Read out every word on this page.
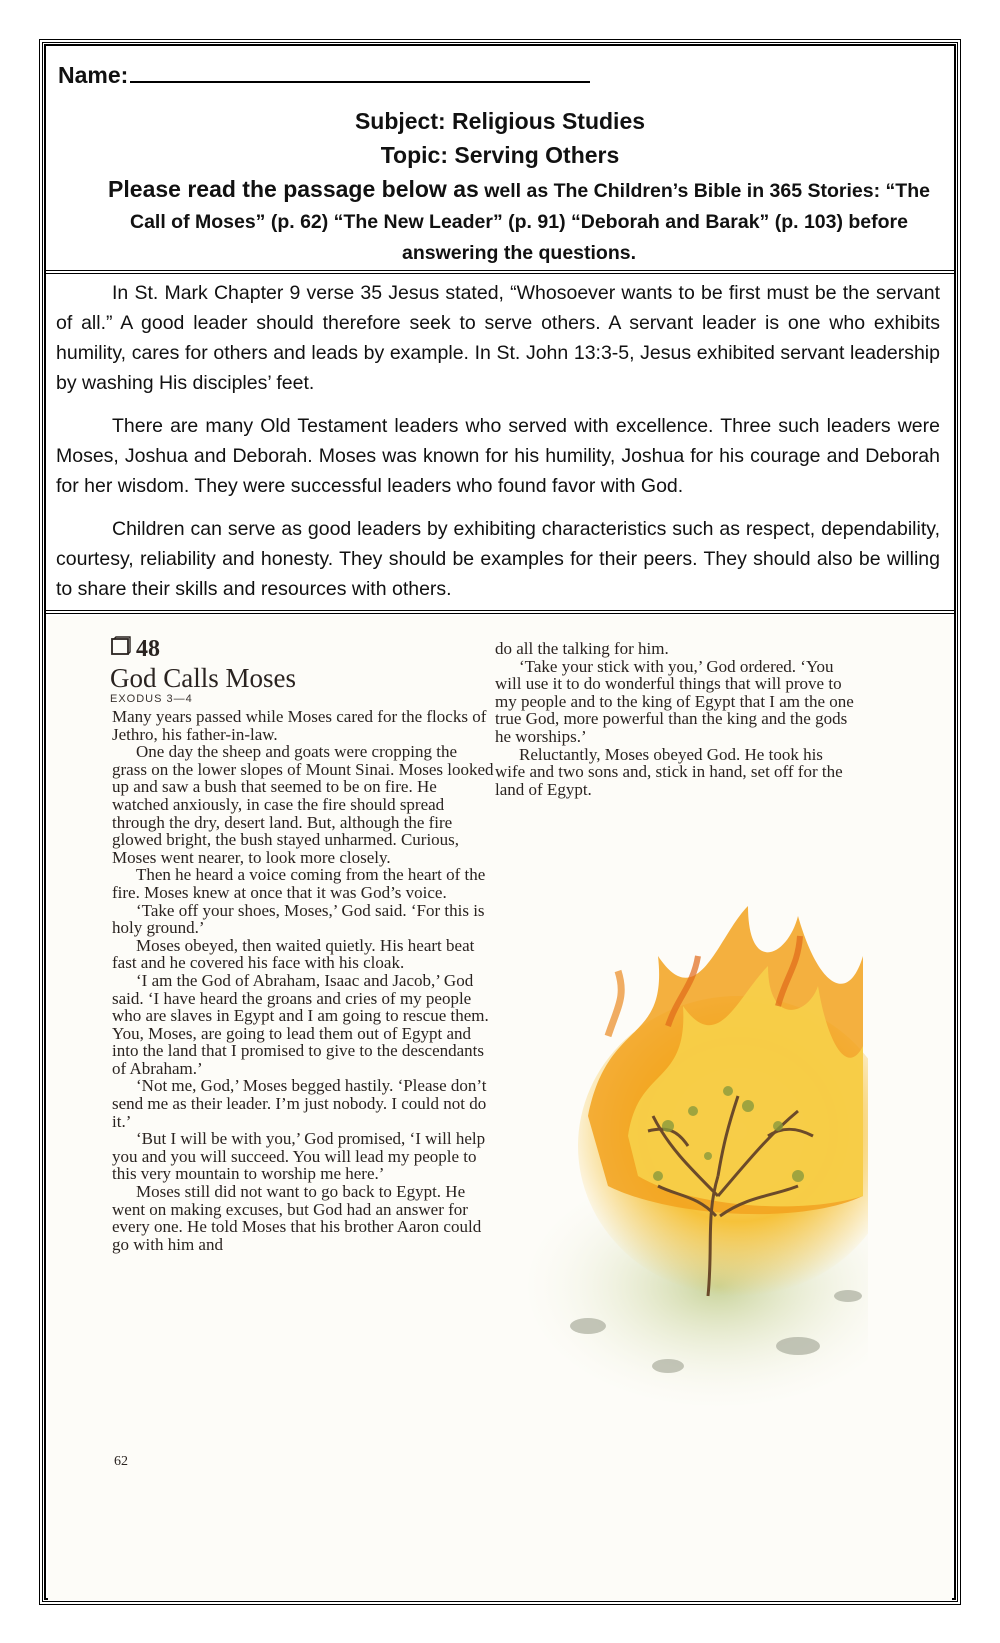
Name:
Subject: Religious Studies
Topic: Serving Others
Please read the passage below as well as The Children’s Bible in 365 Stories: “The Call of Moses” (p. 62) “The New Leader” (p. 91) “Deborah and Barak” (p. 103) before answering the questions.

In St. Mark Chapter 9 verse 35 Jesus stated, “Whosoever wants to be first must be the servant of all.” A good leader should therefore seek to serve others. A servant leader is one who exhibits humility, cares for others and leads by example. In St. John 13:3-5, Jesus exhibited servant leadership by washing His disciples’ feet.

There are many Old Testament leaders who served with excellence. Three such leaders were Moses, Joshua and Deborah. Moses was known for his humility, Joshua for his courage and Deborah for her wisdom. They were successful leaders who found favor with God.

Children can serve as good leaders by exhibiting characteristics such as respect, dependability, courtesy, reliability and honesty. They should be examples for their peers. They should also be willing to share their skills and resources with others.

48
God Calls Moses
EXODUS 3—4

Many years passed while Moses cared for the flocks of Jethro, his father-in-law.

One day the sheep and goats were cropping the grass on the lower slopes of Mount Sinai. Moses looked up and saw a bush that seemed to be on fire. He watched anxiously, in case the fire should spread through the dry, desert land. But, although the fire glowed bright, the bush stayed unharmed. Curious, Moses went nearer, to look more closely.

Then he heard a voice coming from the heart of the fire. Moses knew at once that it was God’s voice.

‘Take off your shoes, Moses,’ God said. ‘For this is holy ground.’

Moses obeyed, then waited quietly. His heart beat fast and he covered his face with his cloak.

‘I am the God of Abraham, Isaac and Jacob,’ God said. ‘I have heard the groans and cries of my people who are slaves in Egypt and I am going to rescue them. You, Moses, are going to lead them out of Egypt and into the land that I promised to give to the descendants of Abraham.’

‘Not me, God,’ Moses begged hastily. ‘Please don’t send me as their leader. I’m just nobody. I could not do it.’

‘But I will be with you,’ God promised, ‘I will help you and you will succeed. You will lead my people to this very mountain to worship me here.’

Moses still did not want to go back to Egypt. He went on making excuses, but God had an answer for every one. He told Moses that his brother Aaron could go with him and

do all the talking for him.

‘Take your stick with you,’ God ordered. ‘You will use it to do wonderful things that will prove to my people and to the king of Egypt that I am the one true God, more powerful than the king and the gods he worships.’

Reluctantly, Moses obeyed God. He took his wife and two sons and, stick in hand, set off for the land of Egypt.

62
